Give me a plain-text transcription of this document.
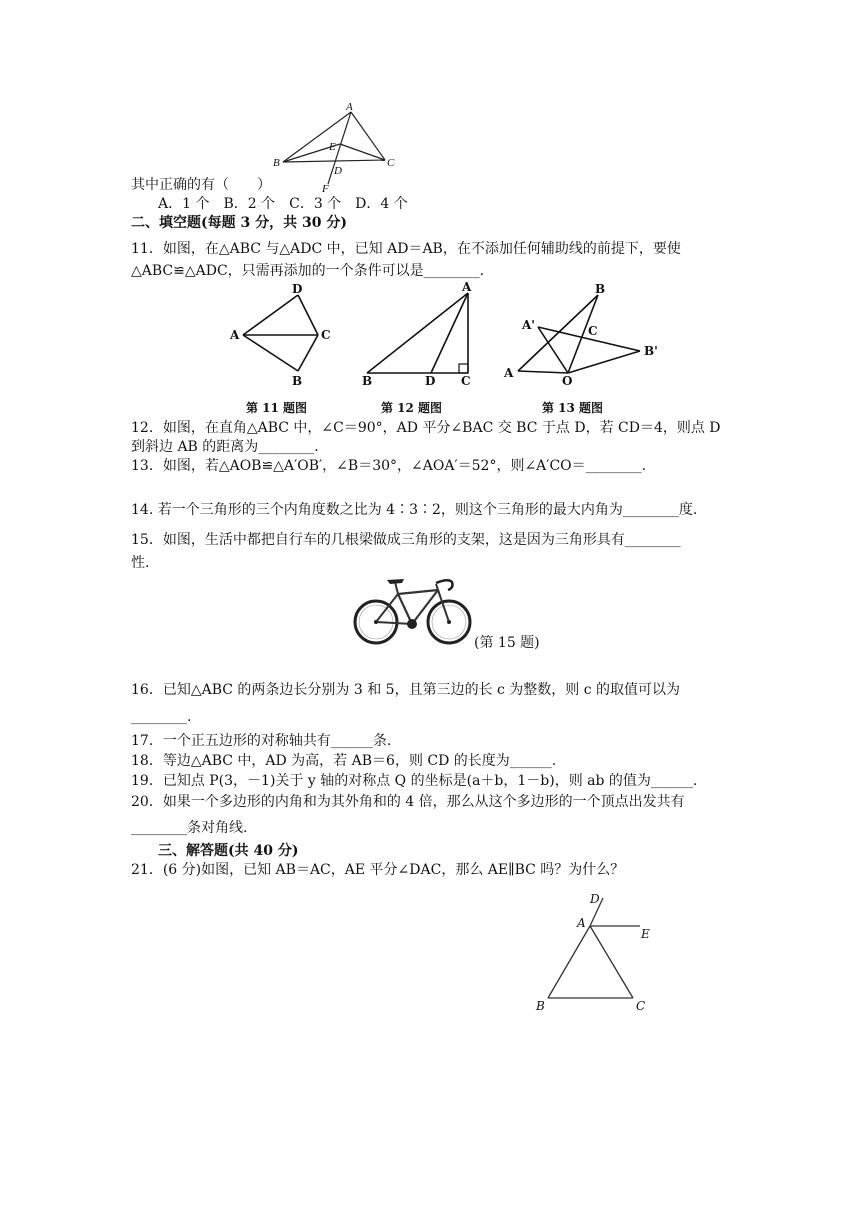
A
B	C
D
E
F
其中正确的有（　　）
A．1 个　B．2 个　C．3 个　D．4 个
二、填空题(每题 3 分，共 30 分)
11．如图，在△ABC 与△ADC 中，已知 AD＝AB，在不添加任何辅助线的前提下，要使
△ABC≌△ADC，只需再添加的一个条件可以是________.
D
A	C
B
第 11 题图
A
B	D C
第 12 题图
B
A'	C
B'
A
O
第 13 题图
12．如图，在直角△ABC 中，∠C＝90°，AD 平分∠BAC 交 BC 于点 D，若 CD＝4，则点 D
到斜边 AB 的距离为________.
13．如图，若△AOB≌△A′OB′，∠B＝30°，∠AOA′＝52°，则∠A′CO＝________.
14. 若一个三角形的三个内角度数之比为 4∶3∶2，则这个三角形的最大内角为________度.
15．如图，生活中都把自行车的几根梁做成三角形的支架，这是因为三角形具有________
性.
(第 15 题)
16．已知△ABC 的两条边长分别为 3 和 5，且第三边的长 c 为整数，则 c 的取值可以为
________.
17．一个正五边形的对称轴共有______条.
18．等边△ABC 中，AD 为高，若 AB＝6，则 CD 的长度为______.
19．已知点 P(3，－1)关于 y 轴的对称点 Q 的坐标是(a＋b，1－b)，则 ab 的值为______.
20．如果一个多边形的内角和为其外角和的 4 倍，那么从这个多边形的一个顶点出发共有
________条对角线.
三、解答题(共 40 分)
21．(6 分)如图，已知 AB＝AC，AE 平分∠DAC，那么 AE∥BC 吗？为什么？
D
A
E
B	C
